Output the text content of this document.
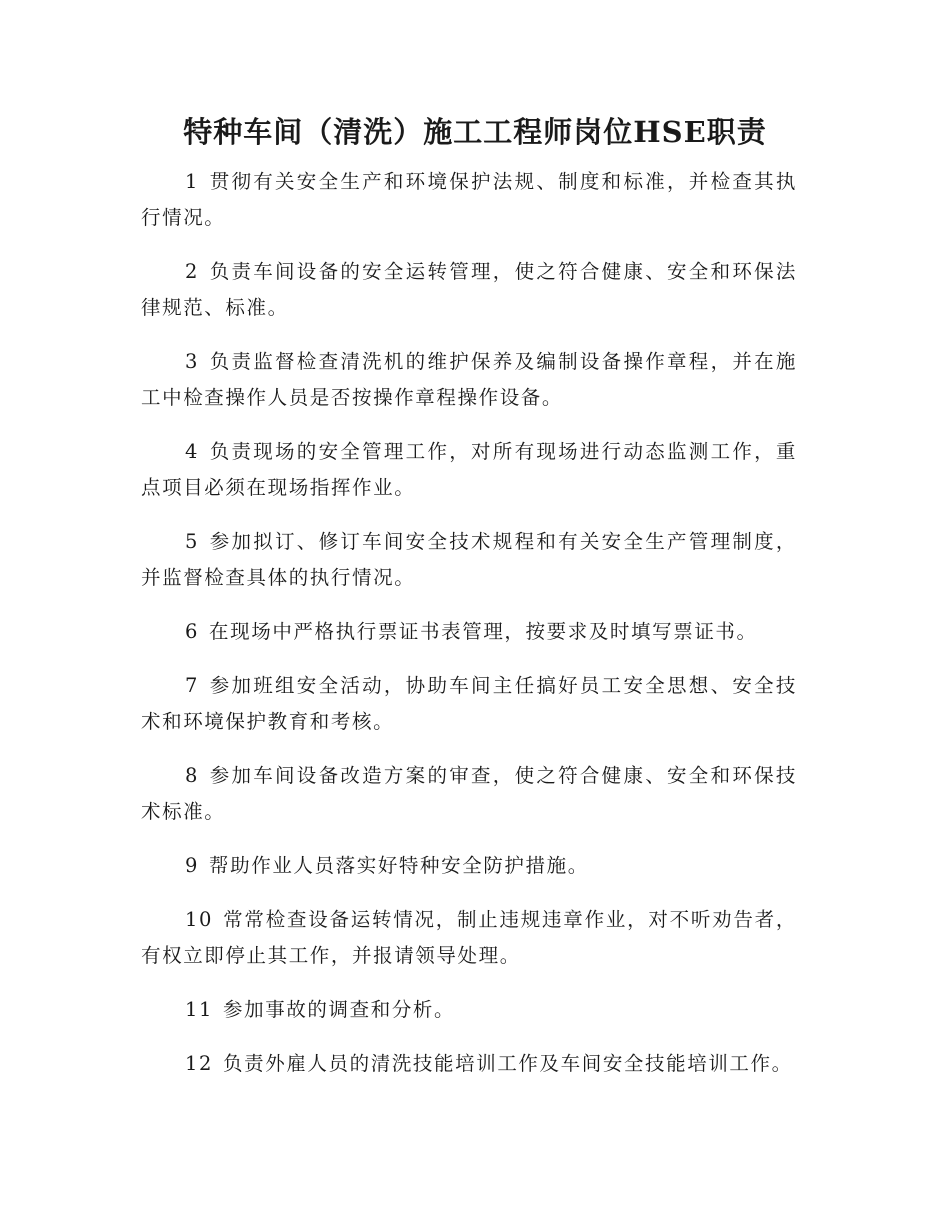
特种车间（清洗）施工工程师岗位HSE职责

1 贯彻有关安全生产和环境保护法规、制度和标准，并检查其执行情况。

2 负责车间设备的安全运转管理，使之符合健康、安全和环保法律规范、标准。

3 负责监督检查清洗机的维护保养及编制设备操作章程，并在施工中检查操作人员是否按操作章程操作设备。

4 负责现场的安全管理工作，对所有现场进行动态监测工作，重点项目必须在现场指挥作业。

5 参加拟订、修订车间安全技术规程和有关安全生产管理制度，并监督检查具体的执行情况。

6 在现场中严格执行票证书表管理，按要求及时填写票证书。

7 参加班组安全活动，协助车间主任搞好员工安全思想、安全技术和环境保护教育和考核。

8 参加车间设备改造方案的审查，使之符合健康、安全和环保技术标准。

9 帮助作业人员落实好特种安全防护措施。

10 常常检查设备运转情况，制止违规违章作业，对不听劝告者，有权立即停止其工作，并报请领导处理。

11 参加事故的调查和分析。

12 负责外雇人员的清洗技能培训工作及车间安全技能培训工作。
